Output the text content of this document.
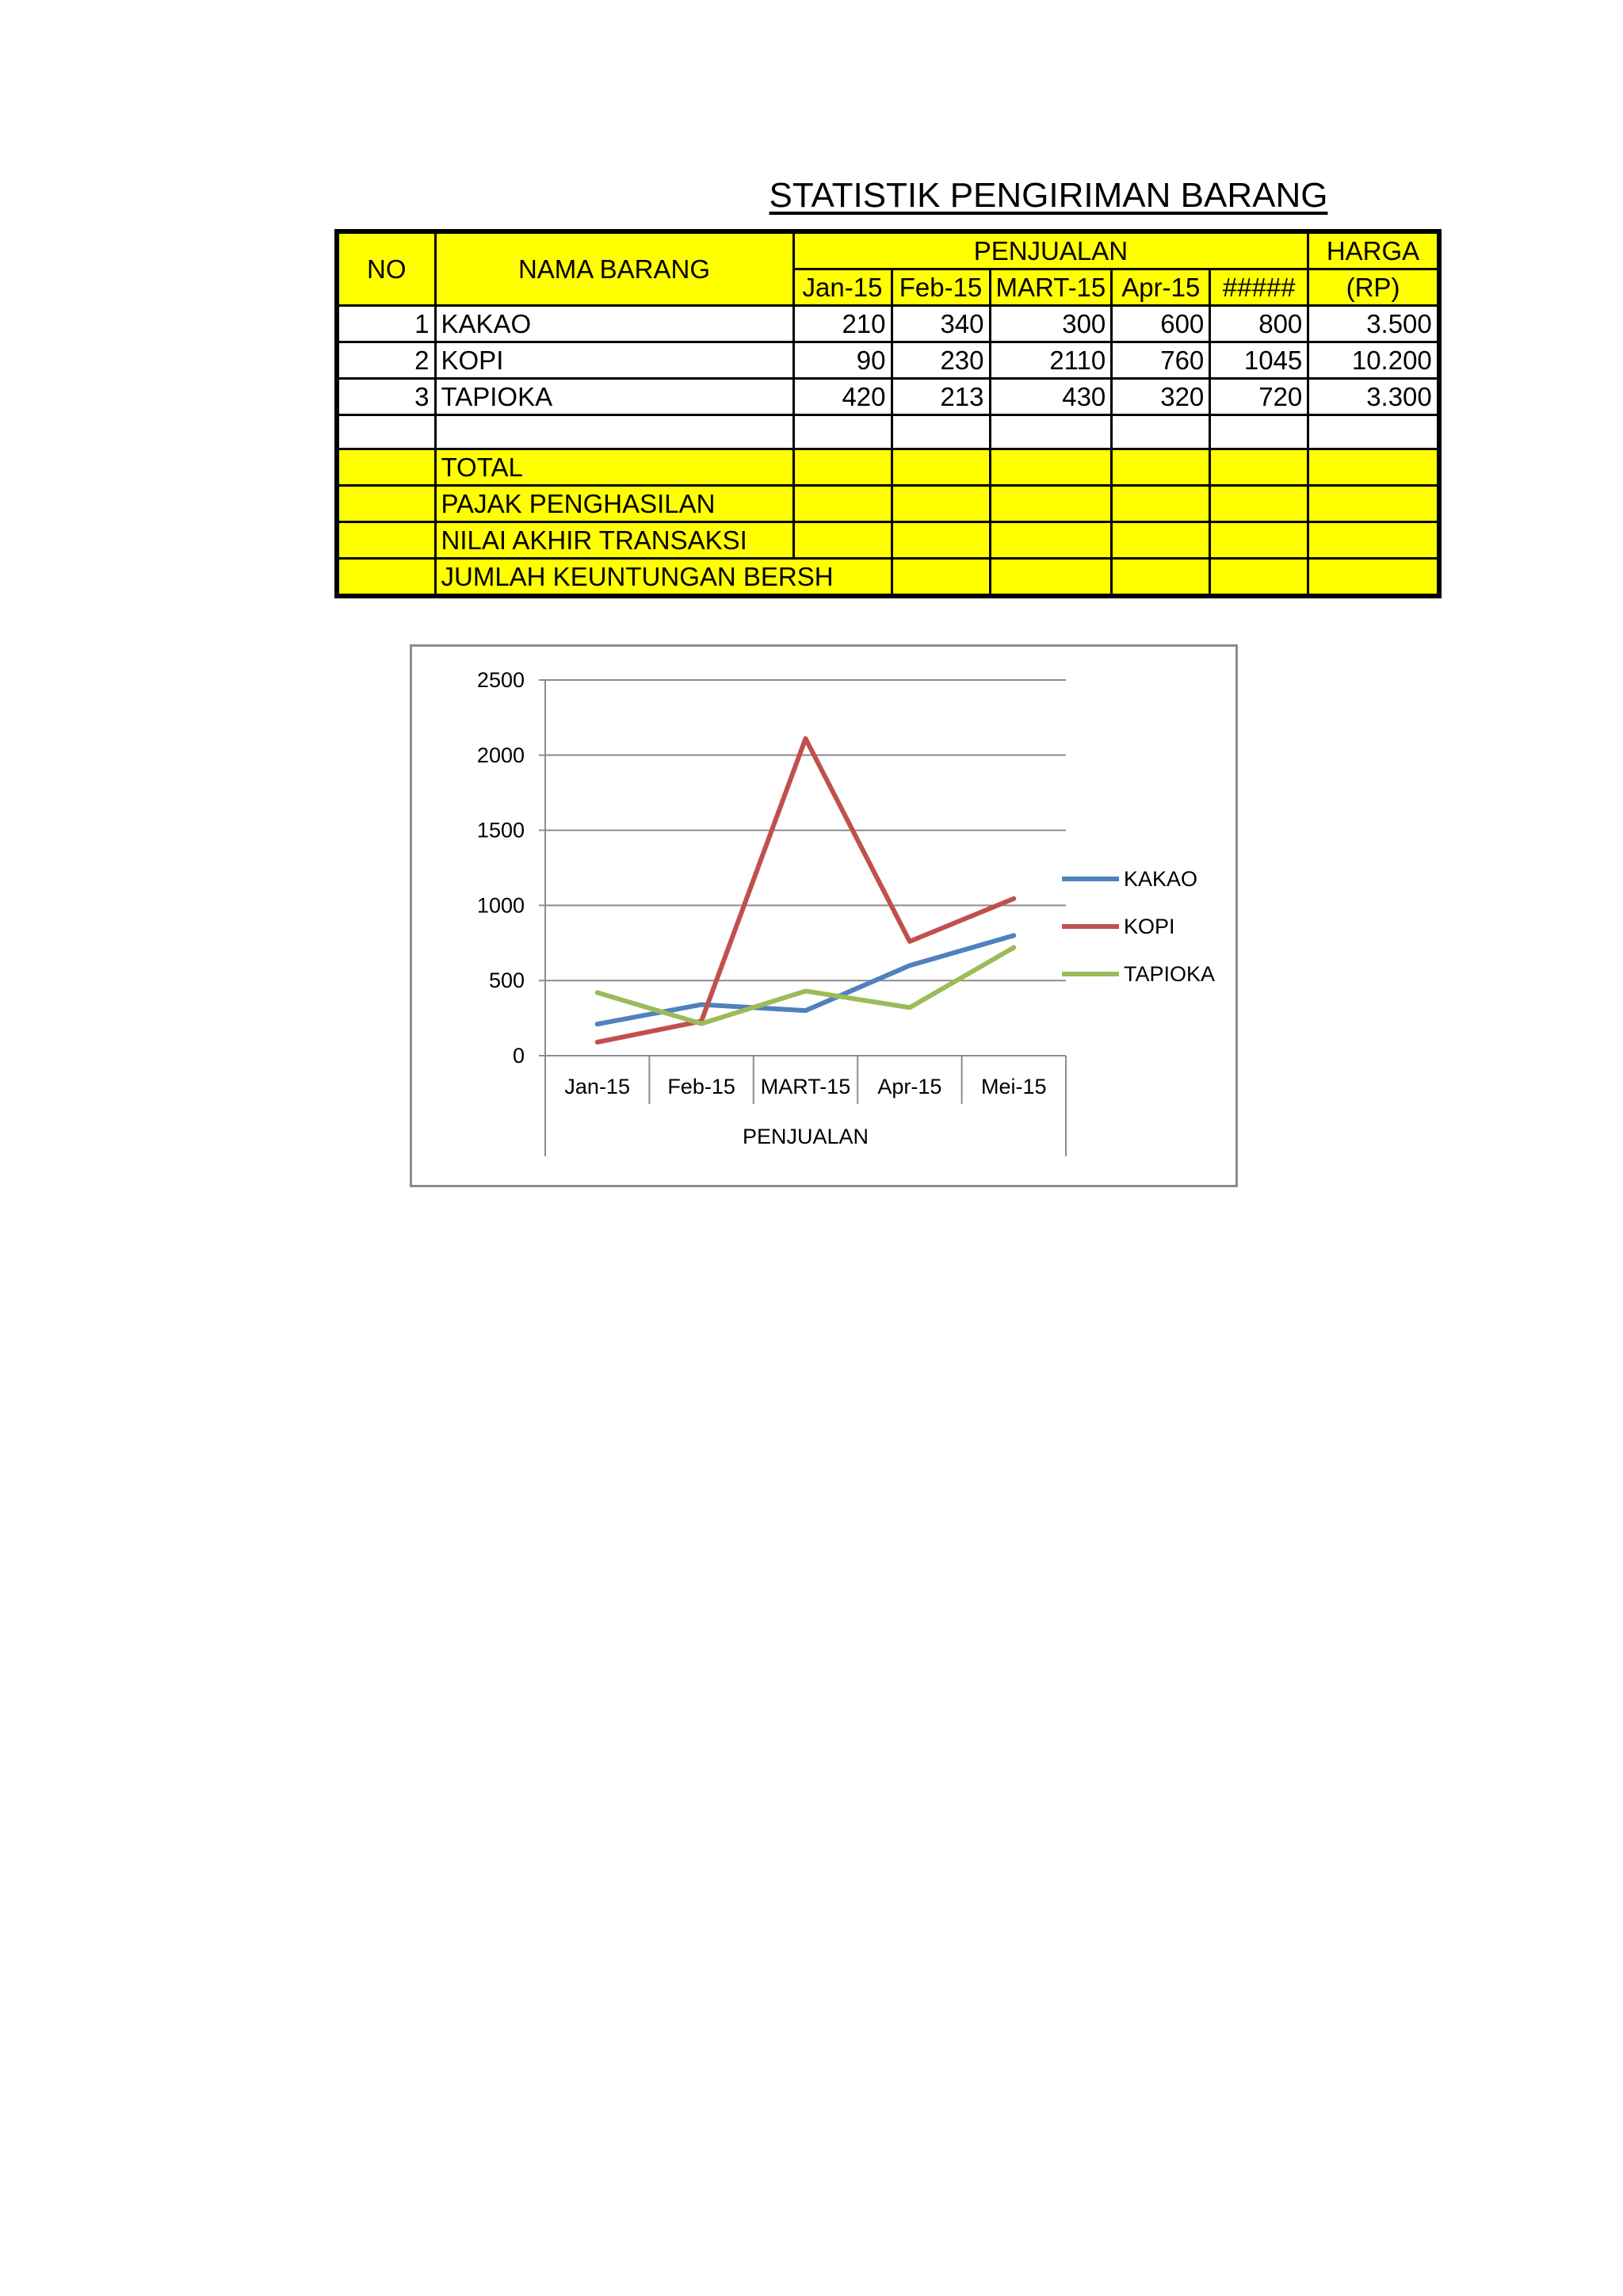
STATISTIK PENGIRIMAN BARANG
NO	NAMA BARANG	PENJUALAN					HARGA
		Jan-15	Feb-15	MART-15	Apr-15	#####	(RP)
1	KAKAO	210	340	300	600	800	3.500
2	KOPI	90	230	2110	760	1045	10.200
3	TAPIOKA	420	213	430	320	720	3.300

	TOTAL						
	PAJAK PENGHASILAN						
	NILAI AKHIR TRANSAKSI						
	JUMLAH KEUNTUNGAN BERSH						
0
500
1000
1500
2000
2500
Jan-15 Feb-15 MART-15 Apr-15 Mei-15
PENJUALAN
KAKAO
KOPI
TAPIOKA
